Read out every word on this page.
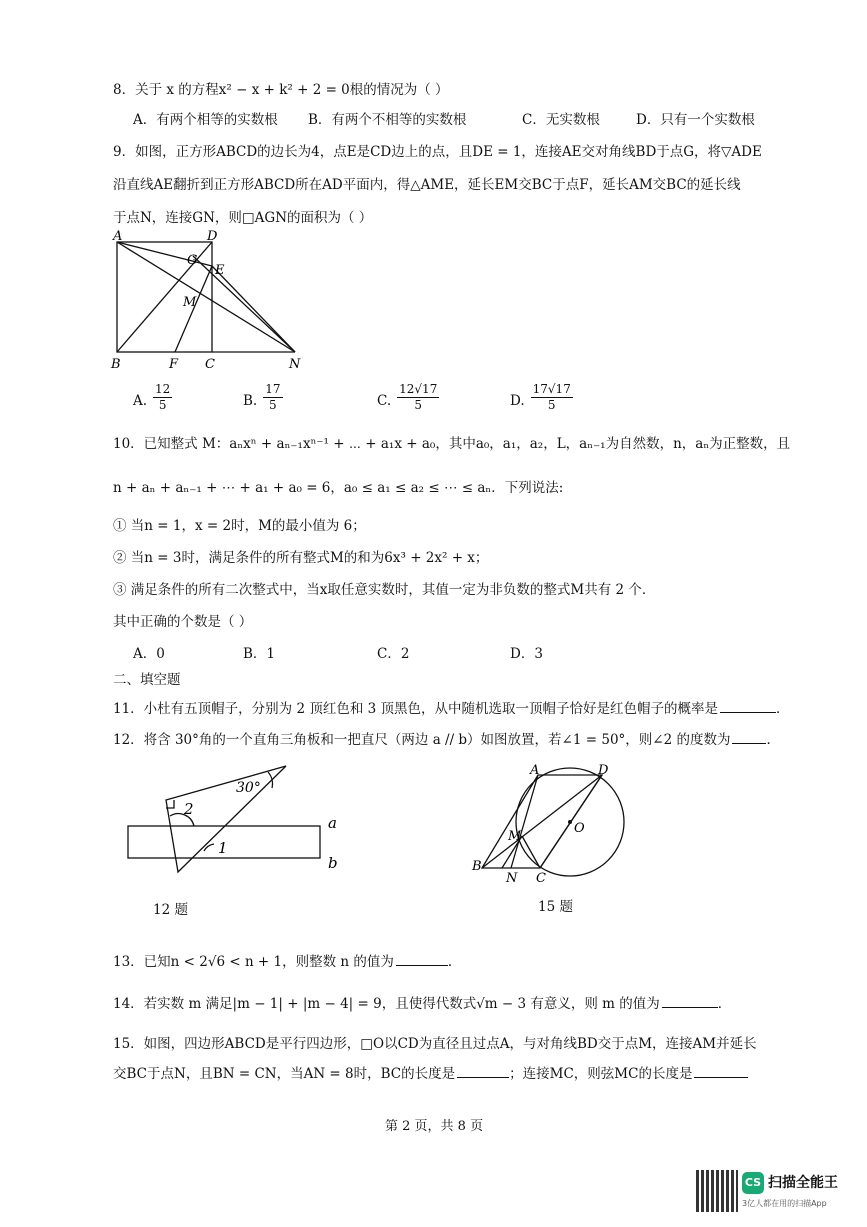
8．关于 x 的方程x² − x + k² + 2 = 0根的情况为（ ）
A．有两个相等的实数根 B．有两个不相等的实数根	C．无实数根	D．只有一个实数根
9．如图，正方形ABCD的边长为4，点E是CD边上的点，且DE = 1，连接AE交对角线BD于点G，将▽ADE
沿直线AE翻折到正方形ABCD所在AD平面内，得△AME，延长EM交BC于点F，延长AM交BC的延长线
于点N，连接GN，则□AGN的面积为（ ）
A	D
G
E
M
B	F C	N
A. $\frac{12}{5}$	B. $\frac{17}{5}$	C. $\frac{12√17}{5}$	D. $\frac{17√17}{5}$
10．已知整式 M：aₙxⁿ + aₙ₋₁xⁿ⁻¹ + ⋯ + a₁x + a₀，其中a₀，a₁，a₂，L，aₙ₋₁为自然数，n，aₙ为正整数，且
n + aₙ + aₙ₋₁ + ⋯ + a₁ + a₀ = 6，a₀ ≤ a₁ ≤ a₂ ≤ ⋯ ≤ aₙ．下列说法:
① 当n = 1，x = 2时，M的最小值为 6；
② 当n = 3时，满足条件的所有整式M的和为6x³ + 2x² + x；
③ 满足条件的所有二次整式中，当x取任意实数时，其值一定为非负数的整式M共有 2 个．
其中正确的个数是（ ）
A．0	B．1	C．2	D．3
二、填空题
11．小杜有五顶帽子，分别为 2 顶红色和 3 顶黑色，从中随机选取一顶帽子恰好是红色帽子的概率是	．
12．将含 30°角的一个直角三角板和一把直尺（两边 a // b）如图放置，若∠1 = 50°，则∠2 的度数为	．
30°
2
1
a
b
12 题
A	D
O
M
B
N C
15 题
13．已知n < 2√6 < n + 1，则整数 n 的值为	．
14．若实数 m 满足|m − 1| + |m − 4| = 9，且使得代数式√m − 3 有意义，则 m 的值为	．
15．如图，四边形ABCD是平行四边形，□O以CD为直径且过点A，与对角线BD交于点M，连接AM并延长
交BC于点N，且BN = CN，当AN = 8时，BC的长度是	；连接MC，则弦MC的长度是
第 2 页，共 8 页
CS 扫描全能王
3亿人都在用的扫描App
